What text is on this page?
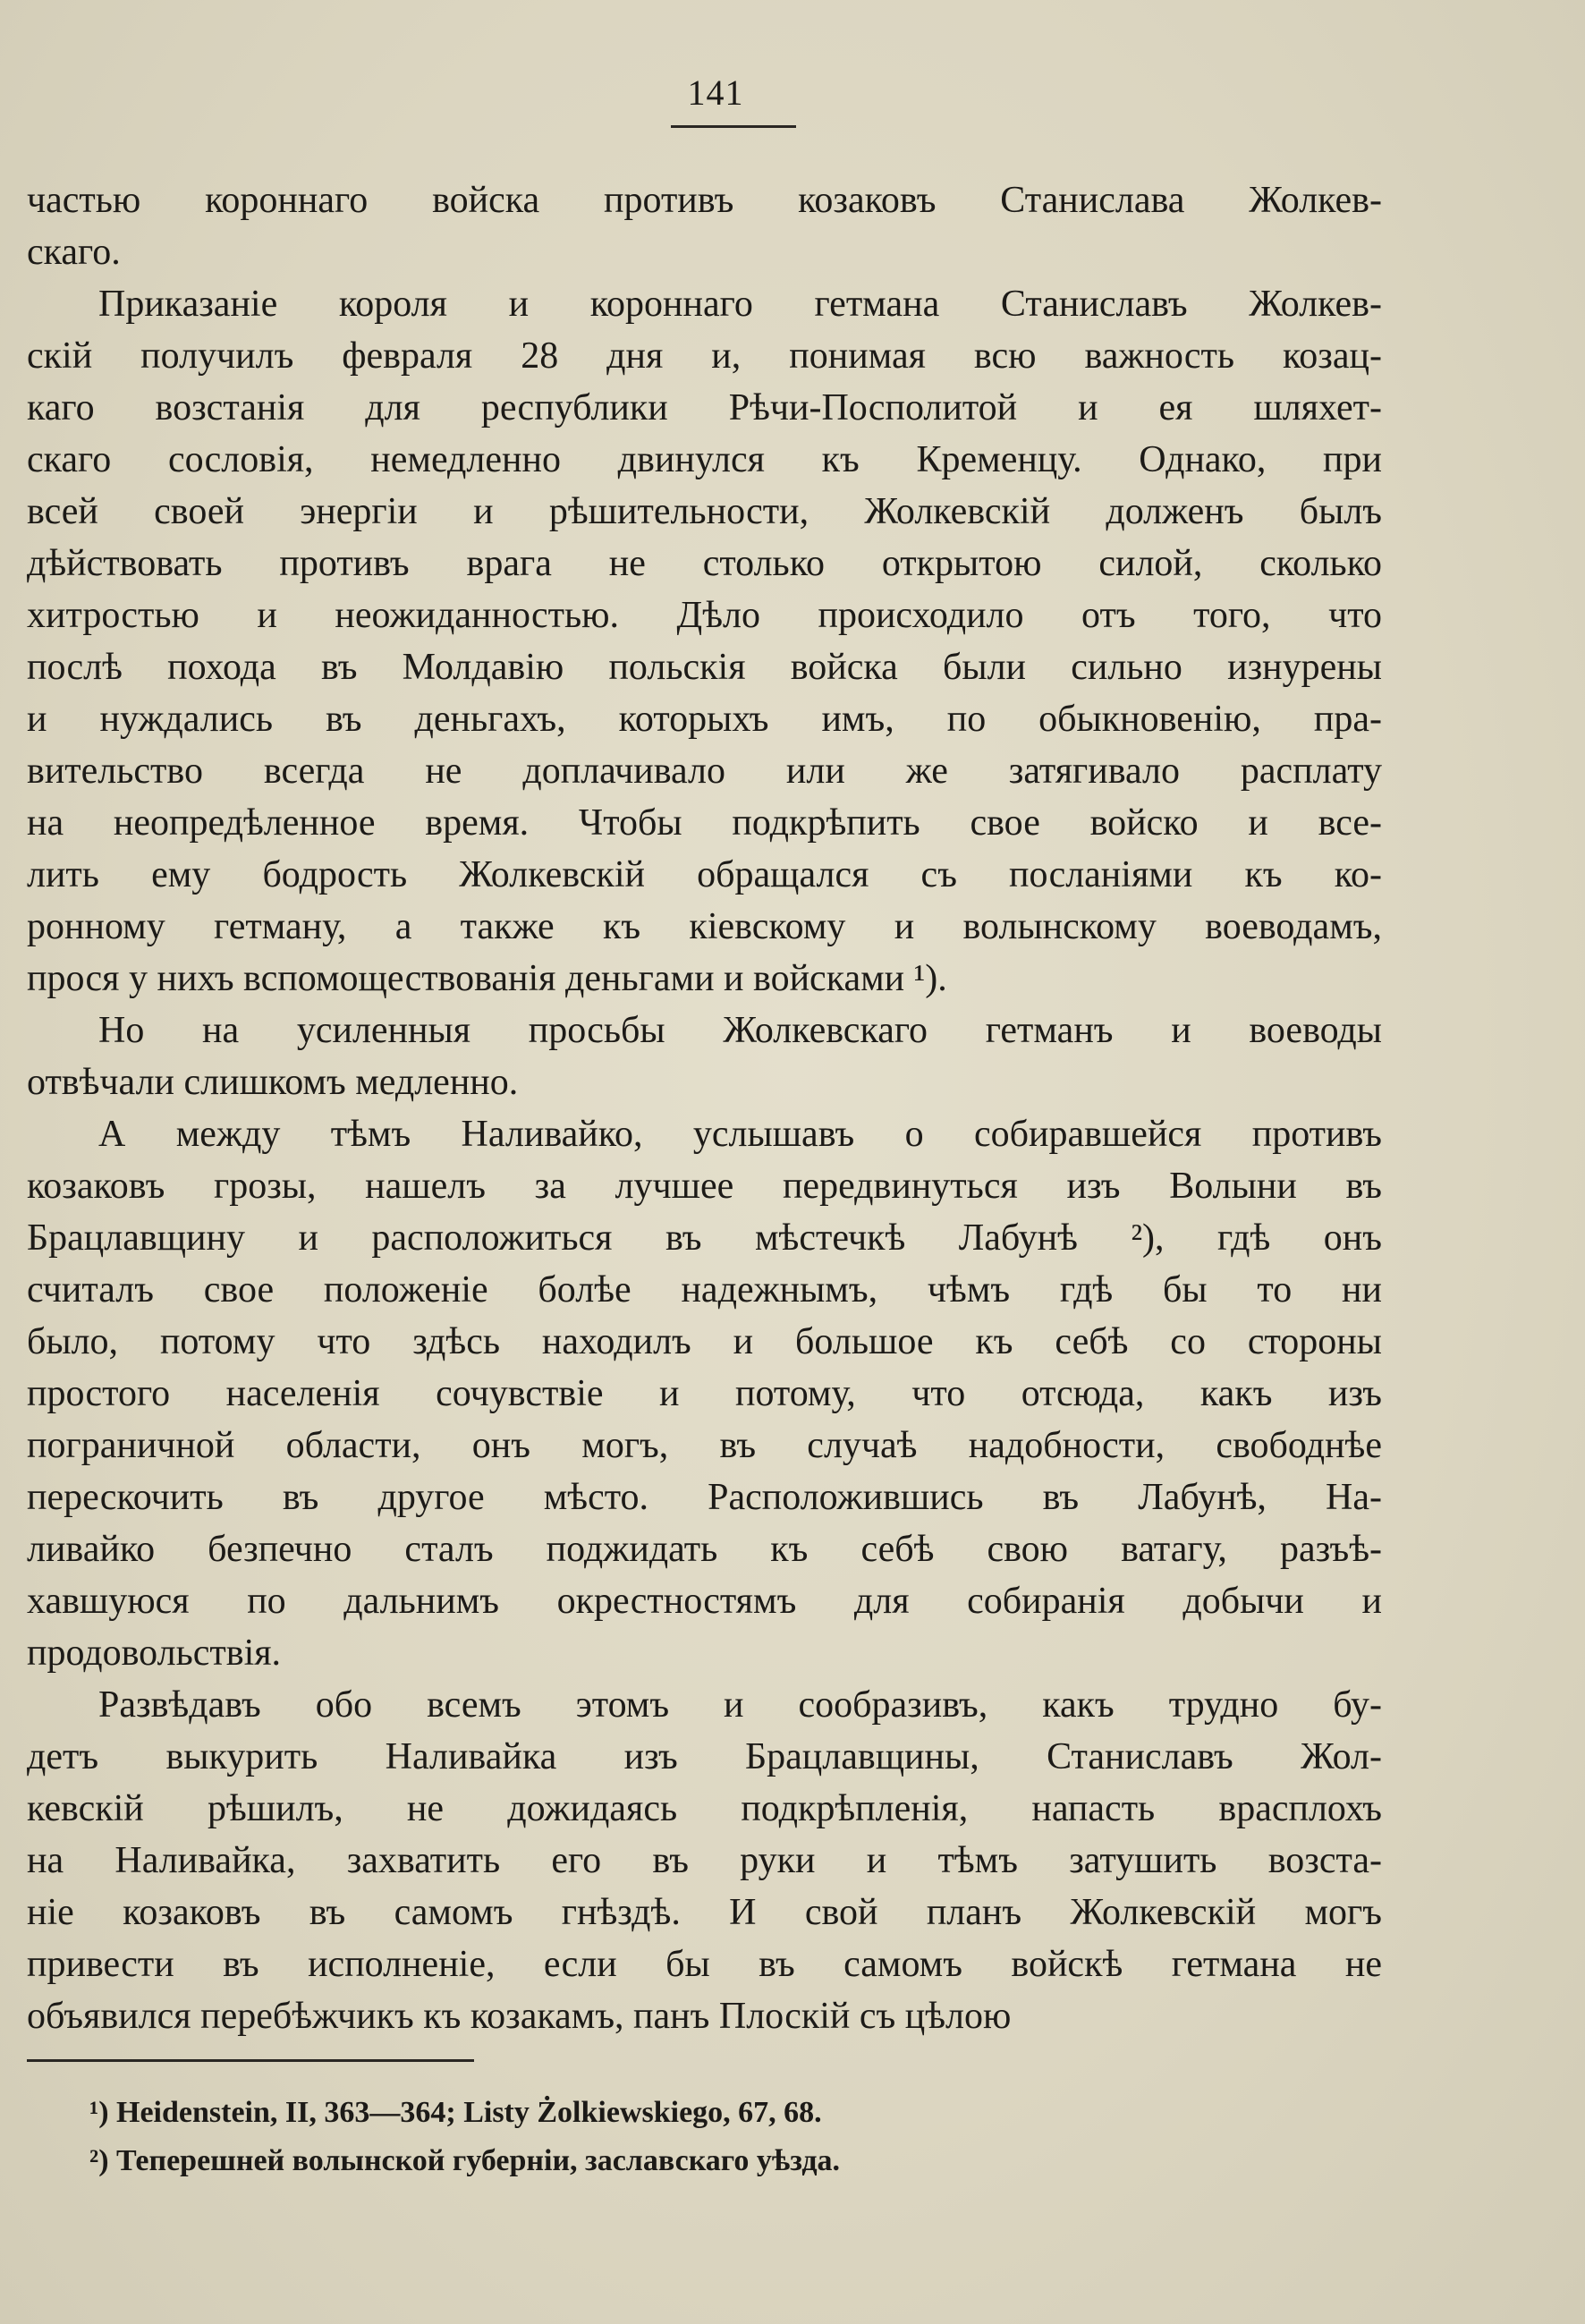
141
частью короннаго войска противъ козаковъ Станислава Жолкев-
скаго.
Приказаніе короля и короннаго гетмана Станиславъ Жолкев-
скій получилъ февраля 28 дня и, понимая всю важность козац-
каго возстанія для республики Рѣчи-Посполитой и ея шляхет-
скаго сословія, немедленно двинулся къ Кременцу. Однако, при
всей своей энергіи и рѣшительности, Жолкевскій долженъ былъ
дѣйствовать противъ врага не столько открытою силой, сколько
хитростью и неожиданностью. Дѣло происходило отъ того, что
послѣ похода въ Молдавію польскія войска были сильно изнурены
и нуждались въ деньгахъ, которыхъ имъ, по обыкновенію, пра-
вительство всегда не доплачивало или же затягивало расплату
на неопредѣленное время. Чтобы подкрѣпить свое войско и все-
лить ему бодрость Жолкевскій обращался съ посланіями къ ко-
ронному гетману, а также къ кіевскому и волынскому воеводамъ,
прося у нихъ вспомоществованія деньгами и войсками ¹).
Но на усиленныя просьбы Жолкевскаго гетманъ и воеводы
отвѣчали слишкомъ медленно.
А между тѣмъ Наливайко, услышавъ о собиравшейся противъ
козаковъ грозы, нашелъ за лучшее передвинуться изъ Волыни въ
Брацлавщину и расположиться въ мѣстечкѣ Лабунѣ ²), гдѣ онъ
считалъ свое положеніе болѣе надежнымъ, чѣмъ гдѣ бы то ни
было, потому что здѣсь находилъ и большое къ себѣ со стороны
простого населенія сочувствіе и потому, что отсюда, какъ изъ
пограничной области, онъ могъ, въ случаѣ надобности, свободнѣе
перескочить въ другое мѣсто. Расположившись въ Лабунѣ, На-
ливайко безпечно сталъ поджидать къ себѣ свою ватагу, разъѣ-
хавшуюся по дальнимъ окрестностямъ для собиранія добычи и
продовольствія.
Развѣдавъ обо всемъ этомъ и сообразивъ, какъ трудно бу-
детъ выкурить Наливайка изъ Брацлавщины, Станиславъ Жол-
кевскій рѣшилъ, не дожидаясь подкрѣпленія, напасть врасплохъ
на Наливайка, захватить его въ руки и тѣмъ затушить возста-
ніе козаковъ въ самомъ гнѣздѣ. И свой планъ Жолкевскій могъ
привести въ исполненіе, если бы въ самомъ войскѣ гетмана не
объявился перебѣжчикъ къ козакамъ, панъ Плоскій съ цѣлою
¹) Heidenstein, II, 363—364; Listy Żolkiewskiego, 67, 68.
²) Теперешней волынской губерніи, заславскаго уѣзда.
